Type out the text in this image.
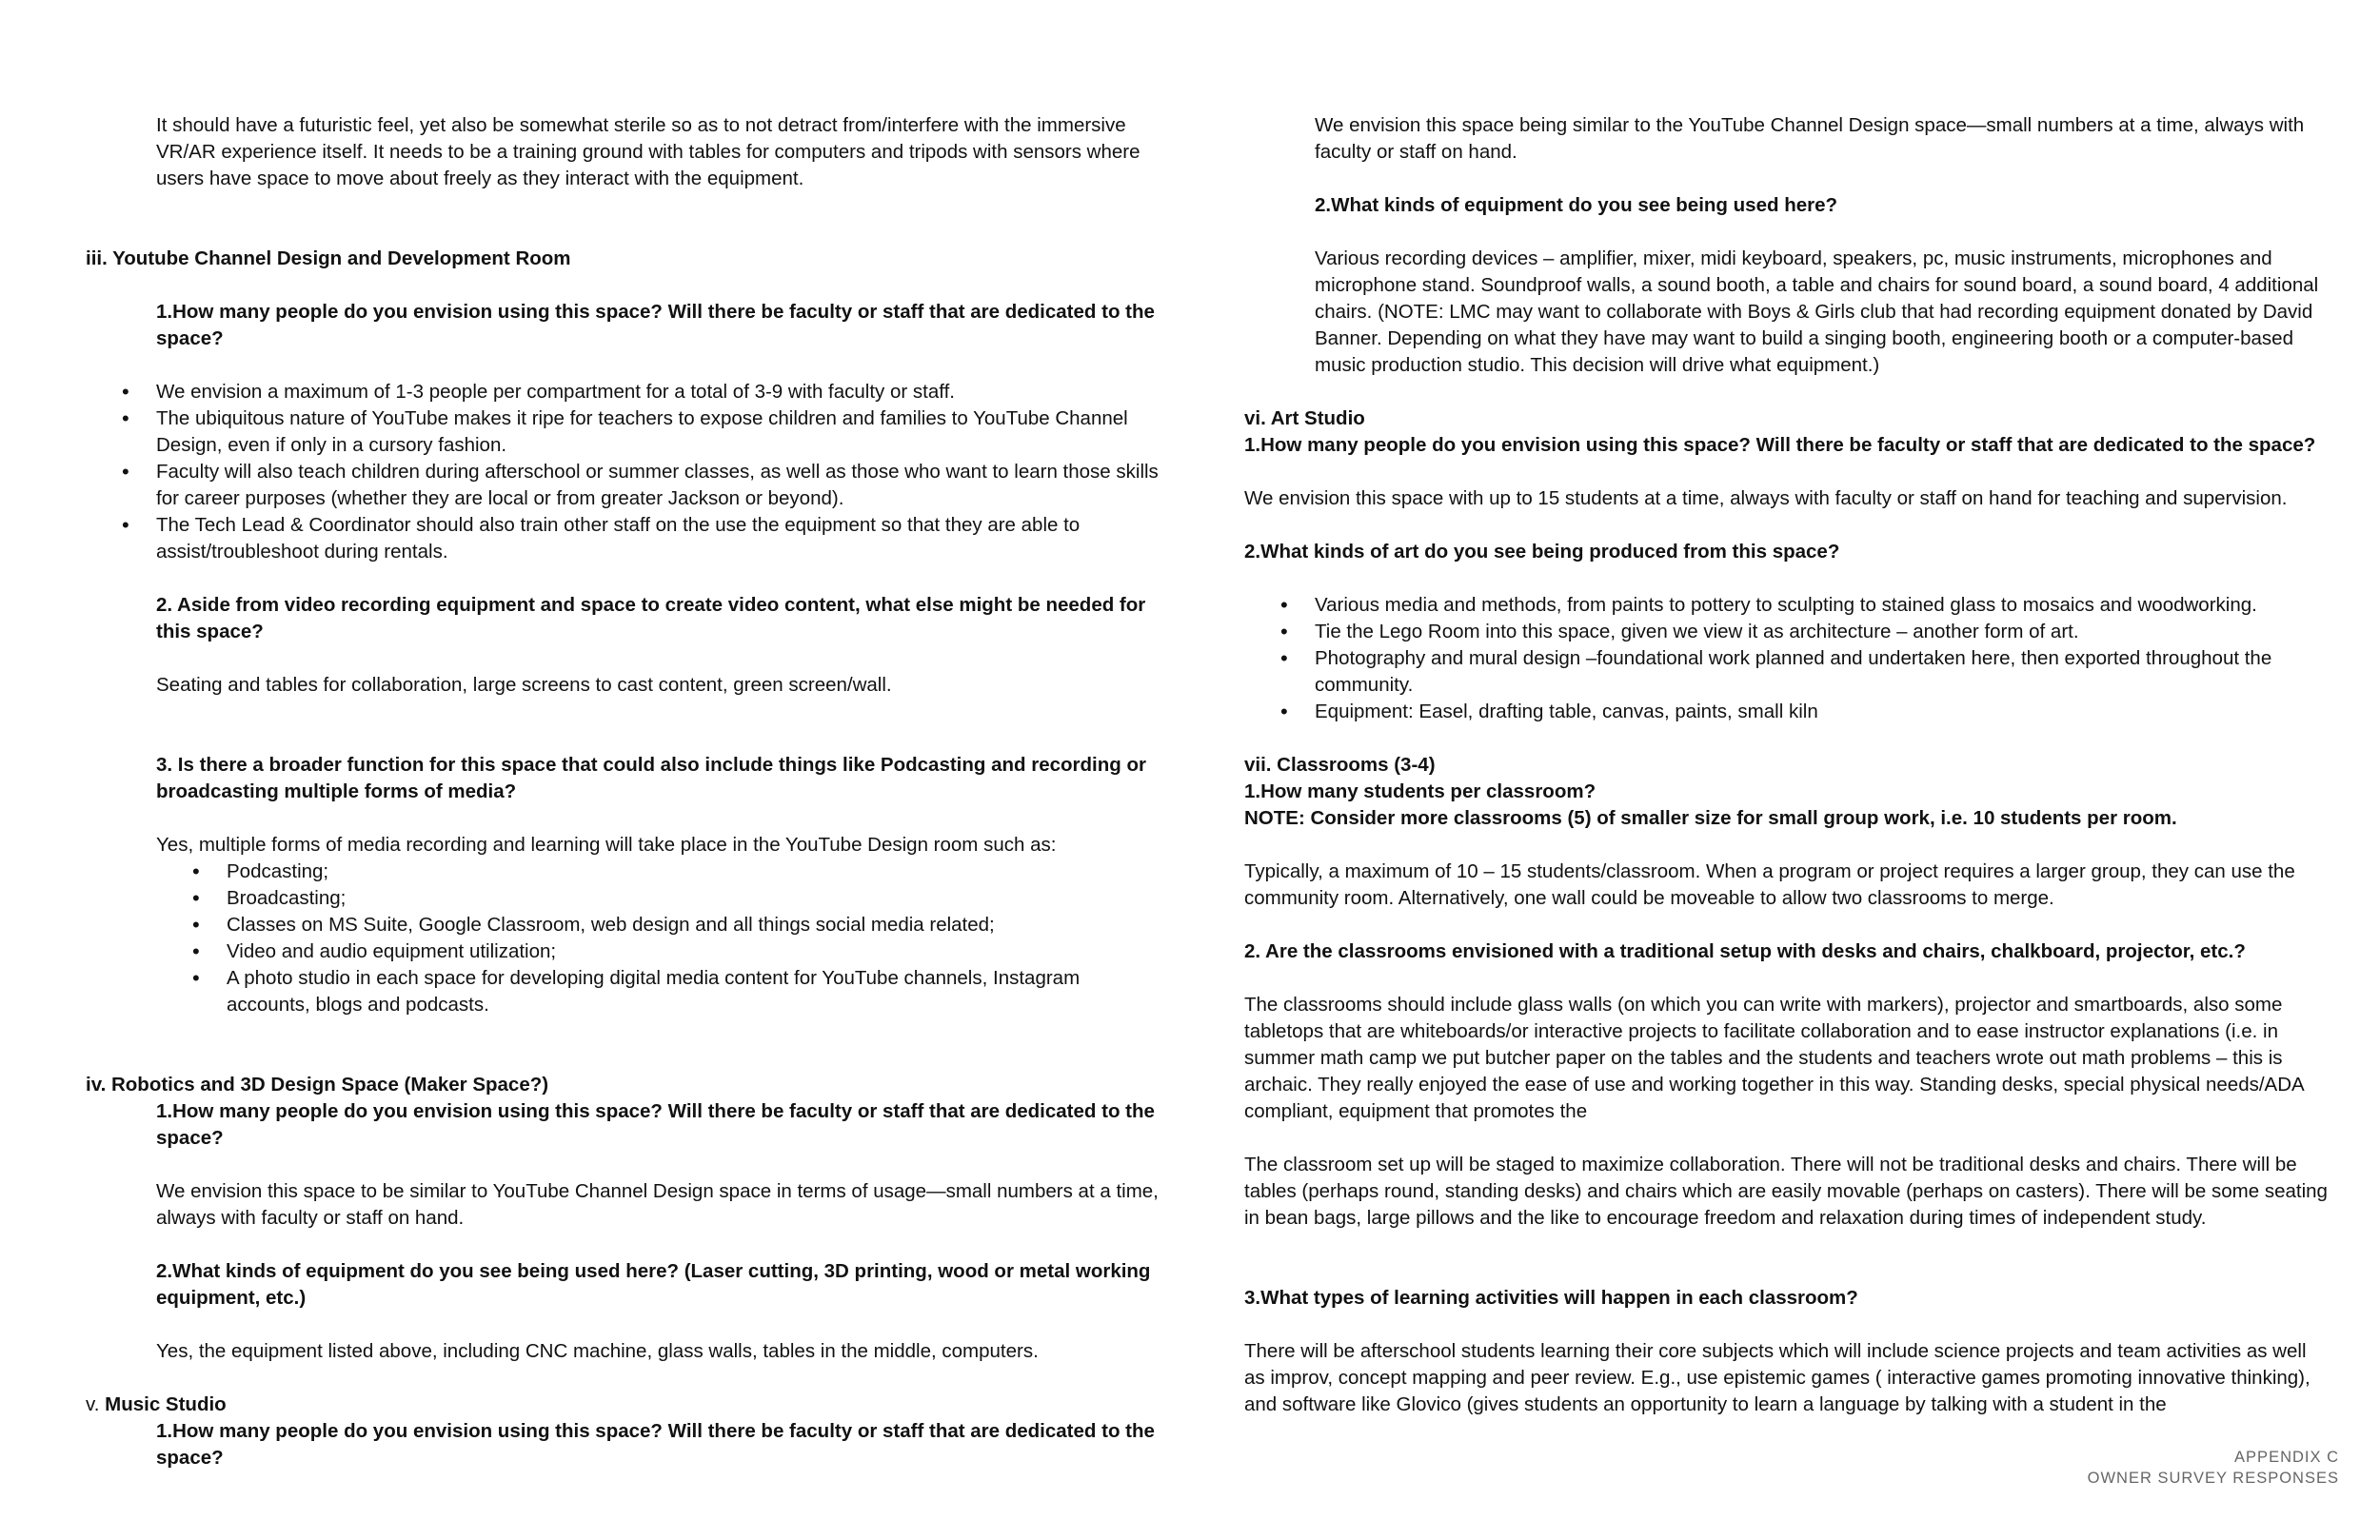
It should have a futuristic feel, yet also be somewhat sterile so as to not detract from/interfere with the immersive VR/AR experience itself. It needs to be a training ground with tables for computers and tripods with sensors where users have space to move about freely as they interact with the equipment.

iii. Youtube Channel Design and Development Room

1.How many people do you envision using this space? Will there be faculty or staff that are dedicated to the space?

• We envision a maximum of 1-3 people per compartment for a total of 3-9 with faculty or staff.
• The ubiquitous nature of YouTube makes it ripe for teachers to expose children and families to YouTube Channel Design, even if only in a cursory fashion.
• Faculty will also teach children during afterschool or summer classes, as well as those who want to learn those skills for career purposes (whether they are local or from greater Jackson or beyond).
• The Tech Lead & Coordinator should also train other staff on the use the equipment so that they are able to assist/troubleshoot during rentals.

2. Aside from video recording equipment and space to create video content, what else might be needed for this space?

Seating and tables for collaboration, large screens to cast content, green screen/wall.

3. Is there a broader function for this space that could also include things like Podcasting and recording or broadcasting multiple forms of media?

Yes, multiple forms of media recording and learning will take place in the YouTube Design room such as:

• Podcasting;
• Broadcasting;
• Classes on MS Suite, Google Classroom, web design and all things social media related;
• Video and audio equipment utilization;
• A photo studio in each space for developing digital media content for YouTube channels, Instagram accounts, blogs and podcasts.

iv. Robotics and 3D Design Space (Maker Space?)

1.How many people do you envision using this space? Will there be faculty or staff that are dedicated to the space?

We envision this space to be similar to YouTube Channel Design space in terms of usage—small numbers at a time, always with faculty or staff on hand.

2.What kinds of equipment do you see being used here? (Laser cutting, 3D printing, wood or metal working equipment, etc.)

Yes, the equipment listed above, including CNC machine, glass walls, tables in the middle, computers.

v. Music Studio

1.How many people do you envision using this space? Will there be faculty or staff that are dedicated to the space?

We envision this space being similar to the YouTube Channel Design space—small numbers at a time, always with faculty or staff on hand.

2.What kinds of equipment do you see being used here?

Various recording devices – amplifier, mixer, midi keyboard, speakers, pc, music instruments, microphones and microphone stand. Soundproof walls, a sound booth, a table and chairs for sound board, a sound board, 4 additional chairs. (NOTE: LMC may want to collaborate with Boys & Girls club that had recording equipment donated by David Banner. Depending on what they have may want to build a singing booth, engineering booth or a computer-based music production studio. This decision will drive what equipment.)

vi. Art Studio

1.How many people do you envision using this space? Will there be faculty or staff that are dedicated to the space?

We envision this space with up to 15 students at a time, always with faculty or staff on hand for teaching and supervision.

2.What kinds of art do you see being produced from this space?

• Various media and methods, from paints to pottery to sculpting to stained glass to mosaics and woodworking.
• Tie the Lego Room into this space, given we view it as architecture – another form of art.
• Photography and mural design –foundational work planned and undertaken here, then exported throughout the community.
• Equipment: Easel, drafting table, canvas, paints, small kiln

vii. Classrooms (3-4)

1.How many students per classroom?

NOTE: Consider more classrooms (5) of smaller size for small group work, i.e. 10 students per room.

Typically, a maximum of 10 – 15 students/classroom. When a program or project requires a larger group, they can use the community room. Alternatively, one wall could be moveable to allow two classrooms to merge.

2. Are the classrooms envisioned with a traditional setup with desks and chairs, chalkboard, projector, etc.?

The classrooms should include glass walls (on which you can write with markers), projector and smartboards, also some tabletops that are whiteboards/or interactive projects to facilitate collaboration and to ease instructor explanations (i.e. in summer math camp we put butcher paper on the tables and the students and teachers wrote out math problems – this is archaic. They really enjoyed the ease of use and working together in this way. Standing desks, special physical needs/ADA compliant, equipment that promotes the

The classroom set up will be staged to maximize collaboration. There will not be traditional desks and chairs. There will be tables (perhaps round, standing desks) and chairs which are easily movable (perhaps on casters). There will be some seating in bean bags, large pillows and the like to encourage freedom and relaxation during times of independent study.

3.What types of learning activities will happen in each classroom?

There will be afterschool students learning their core subjects which will include science projects and team activities as well as improv, concept mapping and peer review. E.g., use epistemic games ( interactive games promoting innovative thinking), and software like Glovico (gives students an opportunity to learn a language by talking with a student in the

APPENDIX C
OWNER SURVEY RESPONSES
